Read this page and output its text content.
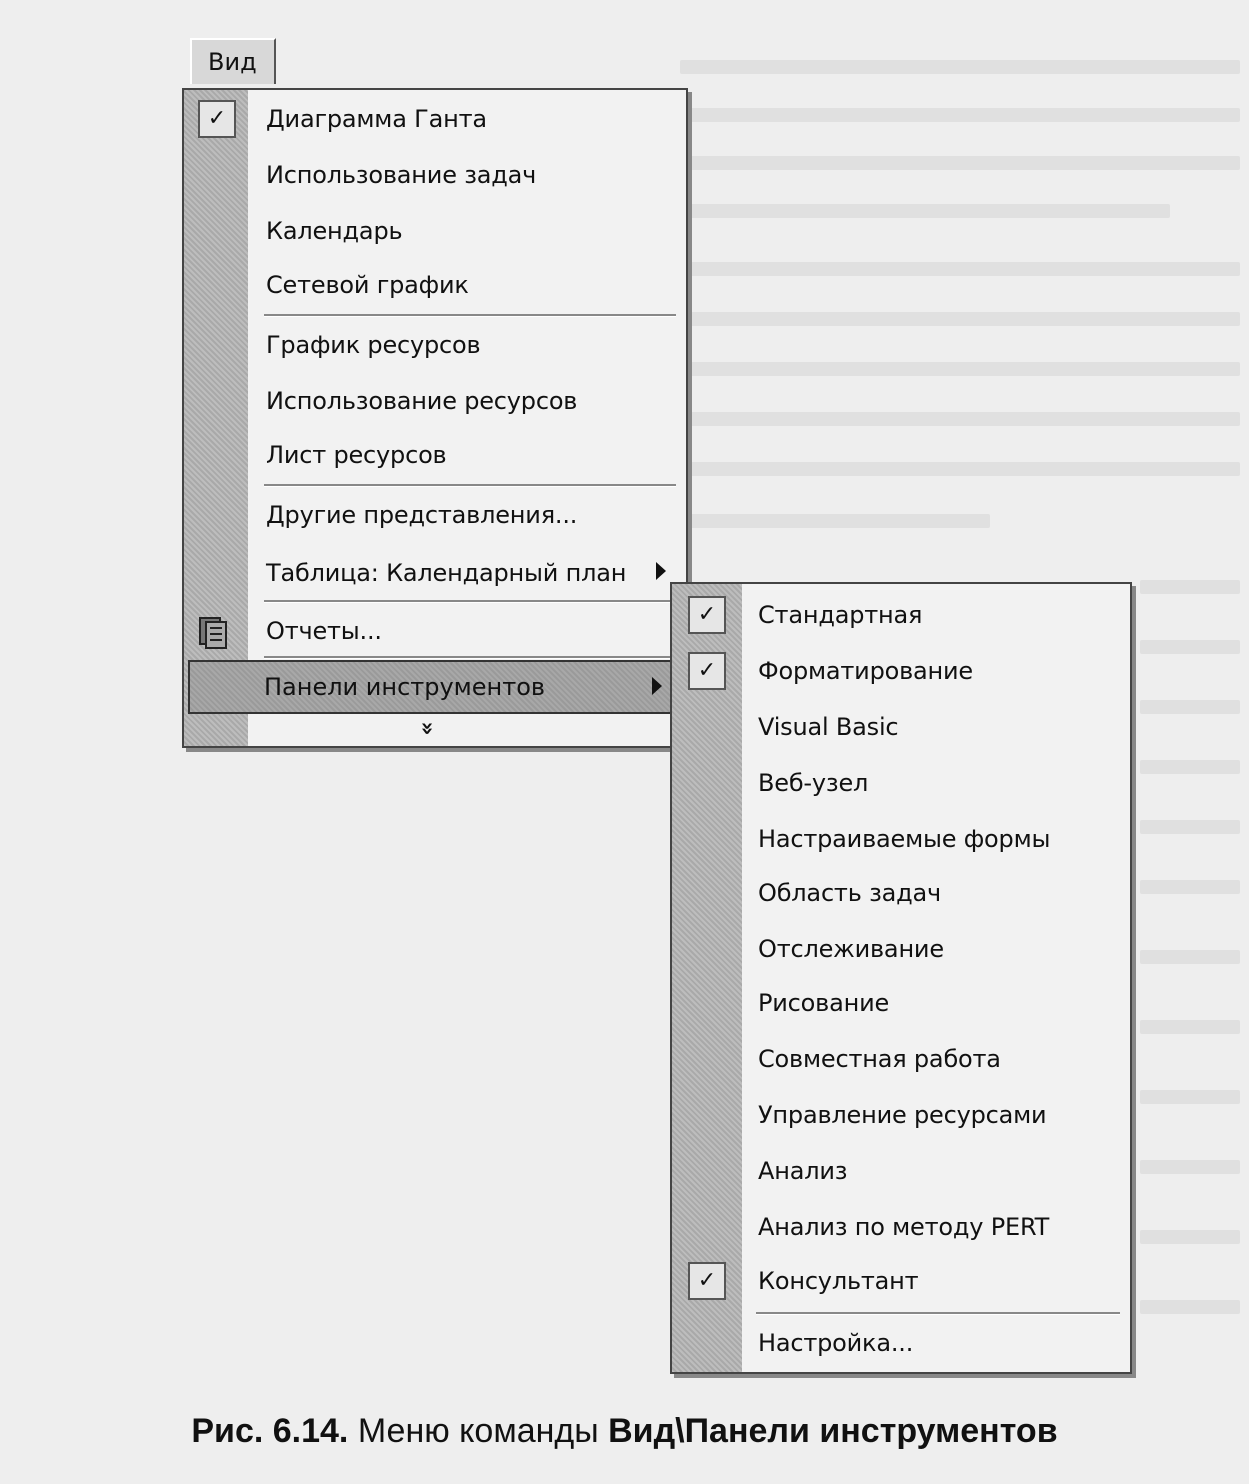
Вид
✓	Диаграмма Ганта
Использование задач
Календарь
Сетевой график
График ресурсов
Использование ресурсов
Лист ресурсов
Другие представления...
Таблица: Календарный план
Отчеты...
Панели инструментов
»
✓	Стандартная
✓	Форматирование
Visual Basic
Веб-узел
Настраиваемые формы
Область задач
Отслеживание
Рисование
Совместная работа
Управление ресурсами
Анализ
Анализ по методу PERT
✓	Консультант
Настройка...
Рис. 6.14. Меню команды Вид\Панели инструментов
